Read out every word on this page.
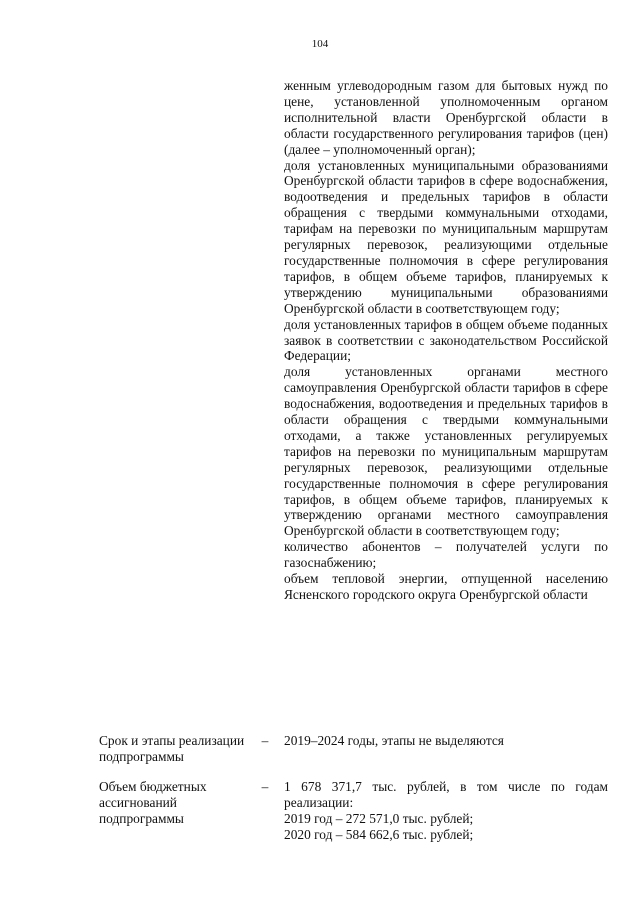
104

женным углеводородным газом для бытовых нужд по цене, установленной уполномоченным органом исполнительной власти Оренбургской области в области государственного регулирования тарифов (цен) (далее – уполномоченный орган);

доля установленных муниципальными образованиями Оренбургской области тарифов в сфере водоснабжения, водоотведения и предельных тарифов в области обращения с твердыми коммунальными отходами, тарифам на перевозки по муниципальным маршрутам регулярных перевозок, реализующими отдельные государственные полномочия в сфере регулирования тарифов, в общем объеме тарифов, планируемых к утверждению муниципальными образованиями Оренбургской области в соответствующем году;

доля установленных тарифов в общем объеме поданных заявок в соответствии с законодательством Российской Федерации;

доля установленных органами местного самоуправления Оренбургской области тарифов в сфере водоснабжения, водоотведения и предельных тарифов в области обращения с твердыми коммунальными отходами, а также установленных регулируемых тарифов на перевозки по муниципальным маршрутам регулярных перевозок, реализующими отдельные государственные полномочия в сфере регулирования тарифов, в общем объеме тарифов, планируемых к утверждению органами местного самоуправления Оренбургской области в соответствующем году;

количество абонентов – получателей услуги по газоснабжению;

объем тепловой энергии, отпущенной населению Ясненского городского округа Оренбургской области

Срок и этапы реализации подпрограммы
– 2019–2024 годы, этапы не выделяются

Объем бюджетных ассигнований подпрограммы
– 1 678 371,7 тыс. рублей, в том числе по годам реализации:

2019 год – 272 571,0 тыс. рублей;

2020 год – 584 662,6 тыс. рублей;
